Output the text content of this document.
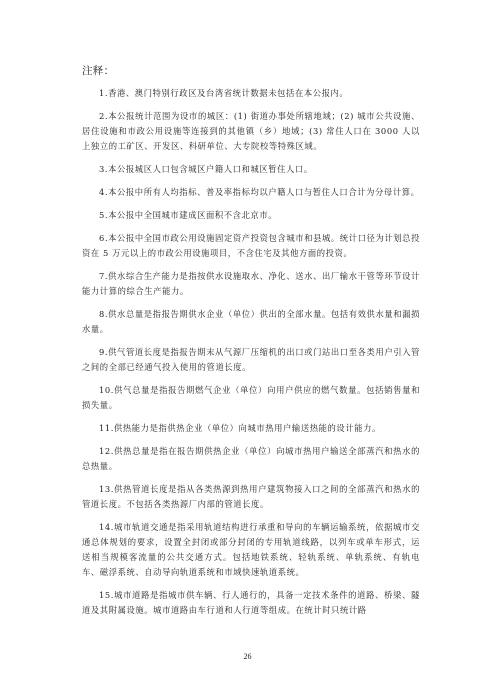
注释：

1.香港、澳门特别行政区及台湾省统计数据未包括在本公报内。

2.本公报统计范围为设市的城区：(1) 街道办事处所辖地域；(2) 城市公共设施、居住设施和市政公用设施等连接到的其他镇（乡）地域；(3) 常住人口在 3000 人以上独立的工矿区、开发区、科研单位、大专院校等特殊区域。

3.本公报城区人口包含城区户籍人口和城区暂住人口。

4.本公报中所有人均指标、普及率指标均以户籍人口与暂住人口合计为分母计算。

5.本公报中全国城市建成区面积不含北京市。

6.本公报中全国市政公用设施固定资产投资包含城市和县城。统计口径为计划总投资在 5 万元以上的市政公用设施项目，不含住宅及其他方面的投资。

7.供水综合生产能力是指按供水设施取水、净化、送水、出厂输水干管等环节设计能力计算的综合生产能力。

8.供水总量是指报告期供水企业（单位）供出的全部水量。包括有效供水量和漏损水量。

9.供气管道长度是指报告期末从气源厂压缩机的出口或门站出口至各类用户引入管之间的全部已经通气投入使用的管道长度。

10.供气总量是指报告期燃气企业（单位）向用户供应的燃气数量。包括销售量和损失量。

11.供热能力是指供热企业（单位）向城市热用户输送热能的设计能力。

12.供热总量是指在报告期供热企业（单位）向城市热用户输送全部蒸汽和热水的总热量。

13.供热管道长度是指从各类热源到热用户建筑物接入口之间的全部蒸汽和热水的管道长度。不包括各类热源厂内部的管道长度。

14.城市轨道交通是指采用轨道结构进行承重和导向的车辆运输系统，依据城市交通总体规划的要求，设置全封闭或部分封闭的专用轨道线路，以列车或单车形式，运送相当规模客流量的公共交通方式。包括地铁系统、轻轨系统、单轨系统、有轨电车、磁浮系统、自动导向轨道系统和市域快速轨道系统。

15.城市道路是指城市供车辆、行人通行的，具备一定技术条件的道路、桥梁、隧道及其附属设施。城市道路由车行道和人行道等组成。在统计时只统计路

26
